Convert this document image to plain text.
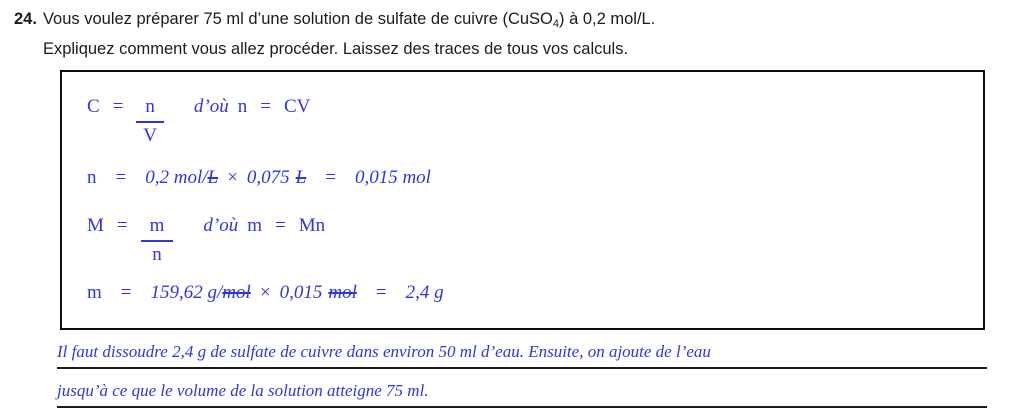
24. Vous voulez préparer 75 ml d’une solution de sulfate de cuivre (CuSO$_4$) à 0,2 mol/L.
Expliquez comment vous allez procéder. Laissez des traces de tous vos calculs.
$C = \frac{n}{V}$ d’où n = CV
n = 0,2 mol/ L × 0,075 L = 0,015 mol
$M = \frac{m}{n}$ d’où m = Mn
m = 159,62 g/ mol × 0,015 mol = 2,4 g
Il faut dissoudre 2,4 g de sulfate de cuivre dans environ 50 ml d’eau. Ensuite, on ajoute de l’eau
jusqu’à ce que le volume de la solution atteigne 75 ml.
